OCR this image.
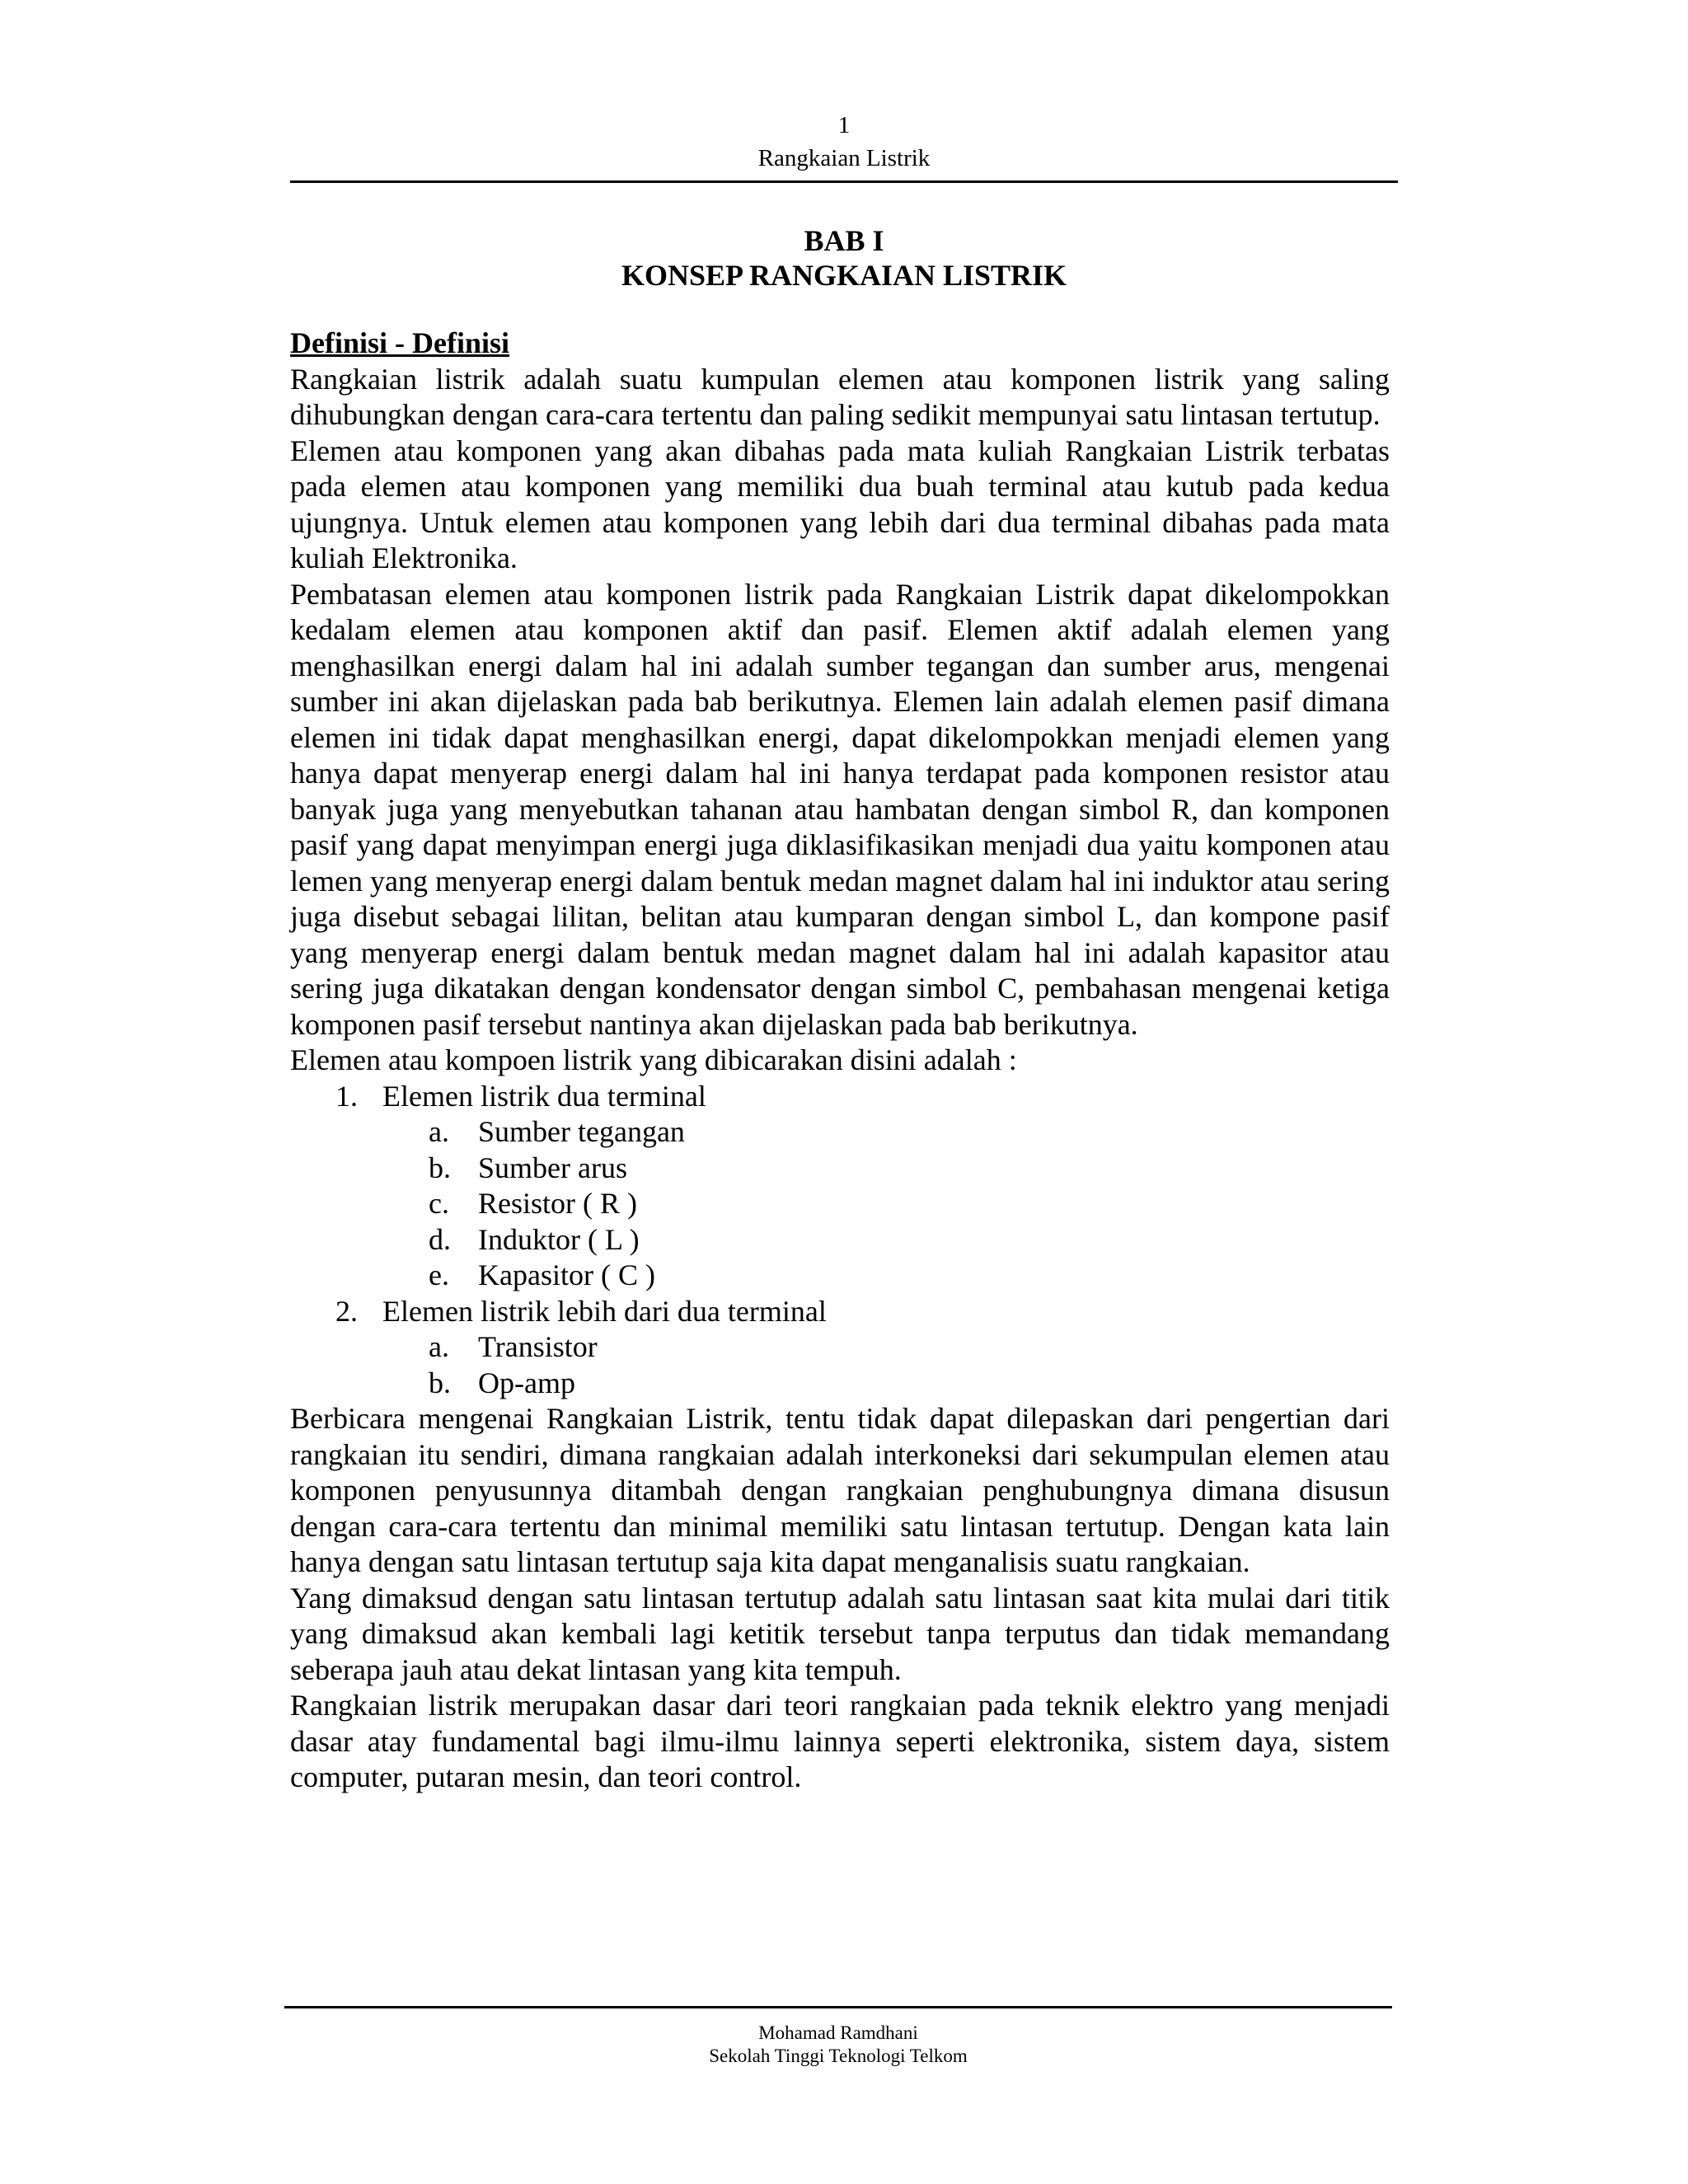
1
Rangkaian Listrik
BAB I
KONSEP RANGKAIAN LISTRIK
Definisi - Definisi

Rangkaian listrik adalah suatu kumpulan elemen atau komponen listrik yang saling dihubungkan dengan cara-cara tertentu dan paling sedikit mempunyai satu lintasan tertutup.

Elemen atau komponen yang akan dibahas pada mata kuliah Rangkaian Listrik terbatas pada elemen atau komponen yang memiliki dua buah terminal atau kutub pada kedua ujungnya. Untuk elemen atau komponen yang lebih dari dua terminal dibahas pada mata kuliah Elektronika.

Pembatasan elemen atau komponen listrik pada Rangkaian Listrik dapat dikelompokkan kedalam elemen atau komponen aktif dan pasif. Elemen aktif adalah elemen yang menghasilkan energi dalam hal ini adalah sumber tegangan dan sumber arus, mengenai sumber ini akan dijelaskan pada bab berikutnya. Elemen lain adalah elemen pasif dimana elemen ini tidak dapat menghasilkan energi, dapat dikelompokkan menjadi elemen yang hanya dapat menyerap energi dalam hal ini hanya terdapat pada komponen resistor atau banyak juga yang menyebutkan tahanan atau hambatan dengan simbol R, dan komponen pasif yang dapat menyimpan energi juga diklasifikasikan menjadi dua yaitu komponen atau lemen yang menyerap energi dalam bentuk medan magnet dalam hal ini induktor atau sering juga disebut sebagai lilitan, belitan atau kumparan dengan simbol L, dan kompone pasif yang menyerap energi dalam bentuk medan magnet dalam hal ini adalah kapasitor atau sering juga dikatakan dengan kondensator dengan simbol C, pembahasan mengenai ketiga komponen pasif tersebut nantinya akan dijelaskan pada bab berikutnya.

Elemen atau kompoen listrik yang dibicarakan disini adalah :

1. Elemen listrik dua terminal
a. Sumber tegangan
b. Sumber arus
c. Resistor ( R )
d. Induktor ( L )
e. Kapasitor ( C )
2. Elemen listrik lebih dari dua terminal
a. Transistor
b. Op-amp

Berbicara mengenai Rangkaian Listrik, tentu tidak dapat dilepaskan dari pengertian dari rangkaian itu sendiri, dimana rangkaian adalah interkoneksi dari sekumpulan elemen atau komponen penyusunnya ditambah dengan rangkaian penghubungnya dimana disusun dengan cara-cara tertentu dan minimal memiliki satu lintasan tertutup. Dengan kata lain hanya dengan satu lintasan tertutup saja kita dapat menganalisis suatu rangkaian.

Yang dimaksud dengan satu lintasan tertutup adalah satu lintasan saat kita mulai dari titik yang dimaksud akan kembali lagi ketitik tersebut tanpa terputus dan tidak memandang seberapa jauh atau dekat lintasan yang kita tempuh.

Rangkaian listrik merupakan dasar dari teori rangkaian pada teknik elektro yang menjadi dasar atay fundamental bagi ilmu-ilmu lainnya seperti elektronika, sistem daya, sistem computer, putaran mesin, dan teori control.

Mohamad Ramdhani
Sekolah Tinggi Teknologi Telkom
